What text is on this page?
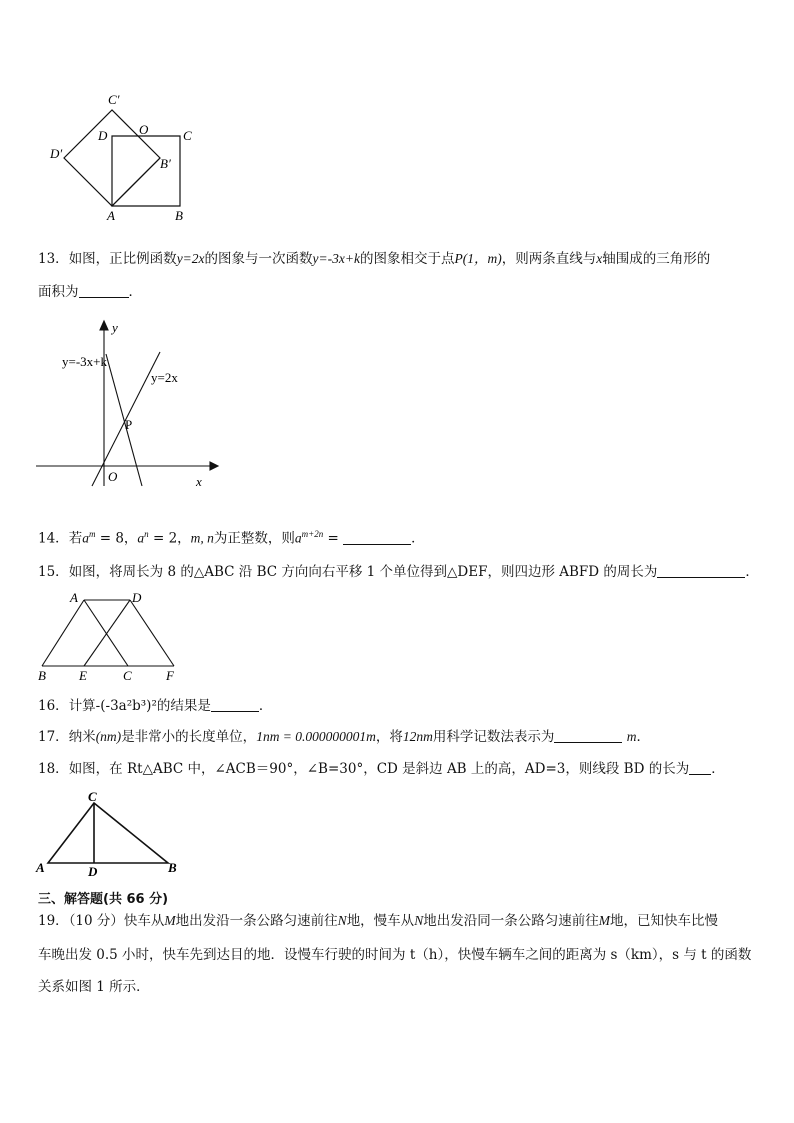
C′
D O	C
D′
B′
A	B
13．如图，正比例函数y=2x的图象与一次函数y=-3x+k的图象相交于点P(1，m)，则两条直线与x轴围成的三角形的
面积为	．
y
y=-3x+k
y=2x
P
O	x
14．若$a^m = 8$，$a^n = 2$，m, n为正整数，则$a^{m+2n}$ =	．
15．如图，将周长为 8 的△ABC 沿 BC 方向向右平移 1 个单位得到△DEF，则四边形 ABFD 的周长为	．
A	D
B	E	C	F
16．计算-(-3a²b³)²的结果是	．
17．纳米(nm)是非常小的长度单位，1nm = 0.000000001m，将12nm用科学记数法表示为	m．
18．如图，在 Rt△ABC 中，∠ACB＝90°，∠B=30°，CD 是斜边 AB 上的高，AD=3，则线段 BD 的长为 ．
C
A	D	B
三、解答题(共 66 分)
19．（10 分）快车从M地出发沿一条公路匀速前往N地，慢车从N地出发沿同一条公路匀速前往M地，已知快车比慢
车晚出发 0.5 小时，快车先到达目的地．设慢车行驶的时间为 t（h），快慢车辆车之间的距离为 s（km），s 与 t 的函数
关系如图 1 所示．
